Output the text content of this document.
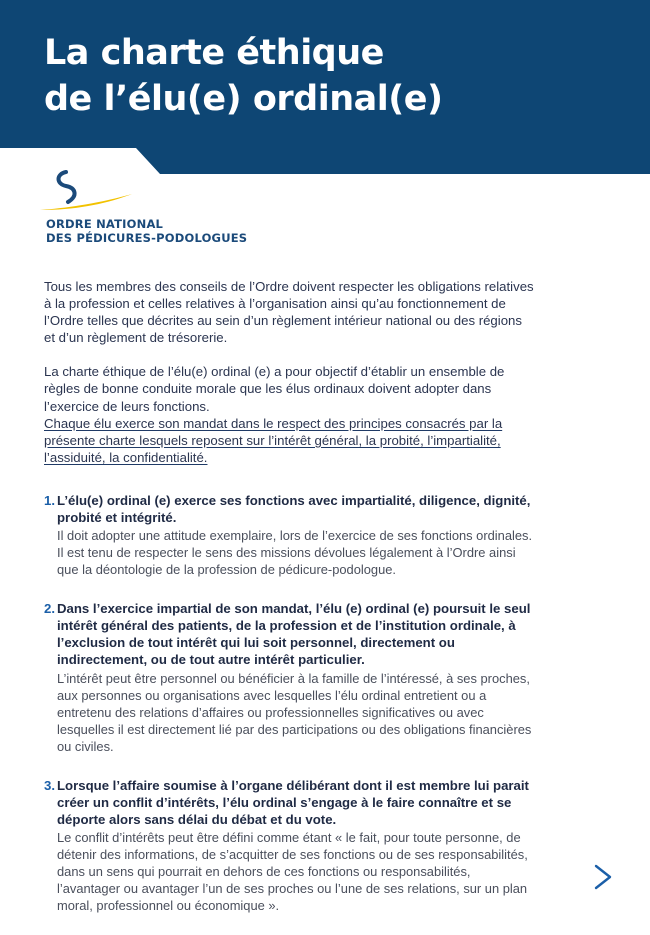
La charte éthique
de l’élu(e) ordinal(e)
ORDRE NATIONAL
DES PÉDICURES-PODOLOGUES

Tous les membres des conseils de l’Ordre doivent respecter les obligations relatives à la profession et celles relatives à l’organisation ainsi qu’au fonctionnement de l’Ordre telles que décrites au sein d’un règlement intérieur national ou des régions et d’un règlement de trésorerie.

La charte éthique de l’élu(e) ordinal (e) a pour objectif d’établir un ensemble de règles de bonne conduite morale que les élus ordinaux doivent adopter dans l’exercice de leurs fonctions.

Chaque élu exerce son mandat dans le respect des principes consacrés par la présente charte lesquels reposent sur l’intérêt général, la probité, l’impartialité, l’assiduité, la confidentialité.

1. L’élu(e) ordinal (e) exerce ses fonctions avec impartialité, diligence, dignité, probité et intégrité.

Il doit adopter une attitude exemplaire, lors de l’exercice de ses fonctions ordinales. Il est tenu de respecter le sens des missions dévolues légalement à l’Ordre ainsi que la déontologie de la profession de pédicure-podologue.

2. Dans l’exercice impartial de son mandat, l’élu (e) ordinal (e) poursuit le seul intérêt général des patients, de la profession et de l’institution ordinale, à l’exclusion de tout intérêt qui lui soit personnel, directement ou indirectement, ou de tout autre intérêt particulier.

L’intérêt peut être personnel ou bénéficier à la famille de l’intéressé, à ses proches, aux personnes ou organisations avec lesquelles l’élu ordinal entretient ou a entretenu des relations d’affaires ou professionnelles significatives ou avec lesquelles il est directement lié par des participations ou des obligations financières ou civiles.

3. Lorsque l’affaire soumise à l’organe délibérant dont il est membre lui parait créer un conflit d’intérêts, l’élu ordinal s’engage à le faire connaître et se déporte alors sans délai du débat et du vote.

Le conflit d’intérêts peut être défini comme étant « le fait, pour toute personne, de détenir des informations, de s’acquitter de ses fonctions ou de ses responsabilités, dans un sens qui pourrait en dehors de ces fonctions ou responsabilités, l’avantager ou avantager l’un de ses proches ou l’une de ses relations, sur un plan moral, professionnel ou économique ».
